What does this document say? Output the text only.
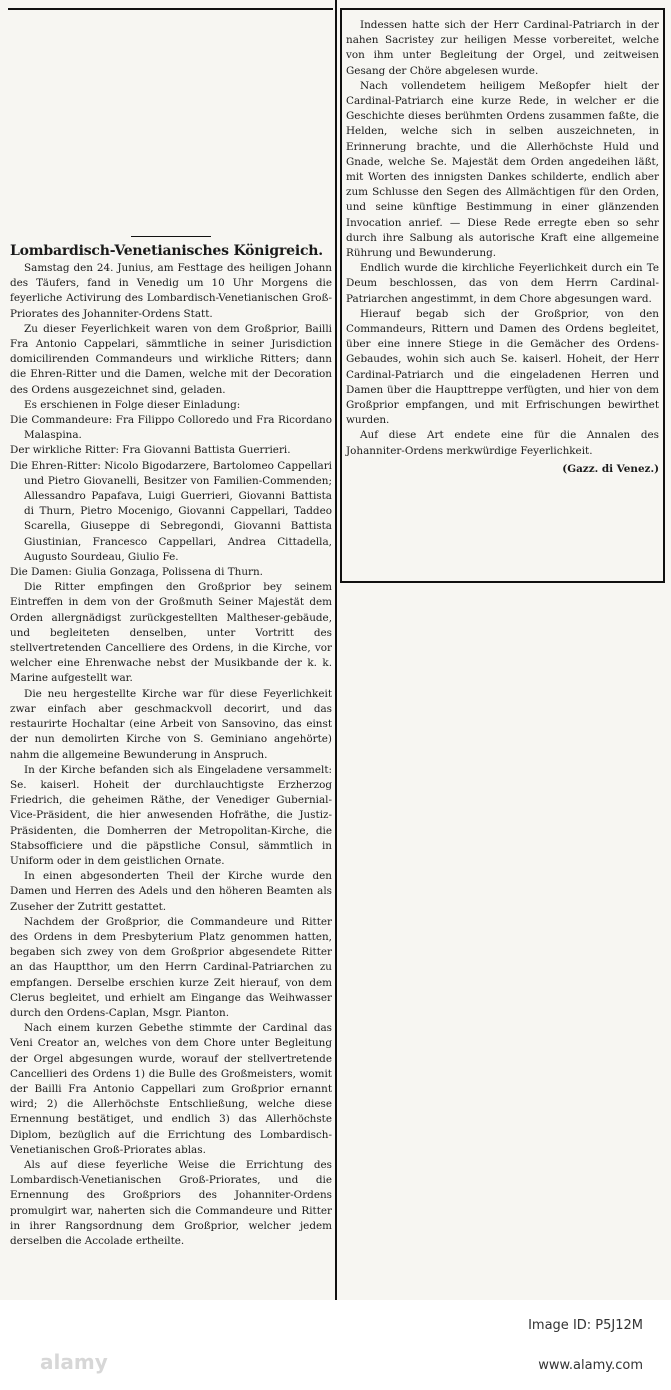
Lombardisch-Venetianisches Königreich.

Samstag den 24. Junius, am Festtage des heiligen Johann des Täufers, fand in Venedig um 10 Uhr Morgens die feyerliche Activirung des Lombardisch-Venetianischen Groß-Priorates des Johanniter-Ordens Statt.

Zu dieser Feyerlichkeit waren von dem Großprior, Bailli Fra Antonio Cappelari, sämmtliche in seiner Jurisdiction domicilirenden Commandeurs und wirkliche Ritters; dann die Ehren-Ritter und die Damen, welche mit der Decoration des Ordens ausgezeichnet sind, geladen.

Es erschienen in Folge dieser Einladung:

Die Commandeure: Fra Filippo Colloredo und Fra Ricordano Malaspina.

Der wirkliche Ritter: Fra Giovanni Battista Guerrieri.

Die Ehren-Ritter: Nicolo Bigodarzere, Bartolomeo Cappellari und Pietro Giovanelli, Besitzer von Familien-Commenden; Allessandro Papafava, Luigi Guerrieri, Giovanni Battista di Thurn, Pietro Mocenigo, Giovanni Cappellari, Taddeo Scarella, Giuseppe di Sebregondi, Giovanni Battista Giustinian, Francesco Cappellari, Andrea Cittadella, Augusto Sourdeau, Giulio Fe.

Die Damen: Giulia Gonzaga, Polissena di Thurn.

Die Ritter empfingen den Großprior bey seinem Eintreffen in dem von der Großmuth Seiner Majestät dem Orden allergnädigst zurückgestellten Maltheser-gebäude, und begleiteten denselben, unter Vortritt des stellvertretenden Cancelliere des Ordens, in die Kirche, vor welcher eine Ehrenwache nebst der Musikbande der k. k. Marine aufgestellt war.

Die neu hergestellte Kirche war für diese Feyerlichkeit zwar einfach aber geschmackvoll decorirt, und das restaurirte Hochaltar (eine Arbeit von Sansovino, das einst der nun demolirten Kirche von S. Geminiano angehörte) nahm die allgemeine Bewunderung in Anspruch.

In der Kirche befanden sich als Eingeladene versammelt: Se. kaiserl. Hoheit der durchlauchtigste Erzherzog Friedrich, die geheimen Räthe, der Venediger Gubernial-Vice-Präsident, die hier anwesenden Hofräthe, die Justiz-Präsidenten, die Domherren der Metropolitan-Kirche, die Stabsofficiere und die päpstliche Consul, sämmtlich in Uniform oder in dem geistlichen Ornate.

In einen abgesonderten Theil der Kirche wurde den Damen und Herren des Adels und den höheren Beamten als Zuseher der Zutritt gestattet.

Nachdem der Großprior, die Commandeure und Ritter des Ordens in dem Presbyterium Platz genommen hatten, begaben sich zwey von dem Großprior abgesendete Ritter an das Hauptthor, um den Herrn Cardinal-Patriarchen zu empfangen. Derselbe erschien kurze Zeit hierauf, von dem Clerus begleitet, und erhielt am Eingange das Weihwasser durch den Ordens-Caplan, Msgr. Pianton.

Nach einem kurzen Gebethe stimmte der Cardinal das Veni Creator an, welches von dem Chore unter Begleitung der Orgel abgesungen wurde, worauf der stellvertretende Cancellieri des Ordens 1) die Bulle des Großmeisters, womit der Bailli Fra Antonio Cappellari zum Großprior ernannt wird; 2) die Allerhöchste Entschließung, welche diese Ernennung bestätiget, und endlich 3) das Allerhöchste Diplom, bezüglich auf die Errichtung des Lombardisch-Venetianischen Groß-Priorates ablas.

Als auf diese feyerliche Weise die Errichtung des Lombardisch-Venetianischen Groß-Priorates, und die Ernennung des Großpriors des Johanniter-Ordens promulgirt war, naherten sich die Commandeure und Ritter in ihrer Rangsordnung dem Großprior, welcher jedem derselben die Accolade ertheilte.

Indessen hatte sich der Herr Cardinal-Patriarch in der nahen Sacristey zur heiligen Messe vorbereitet, welche von ihm unter Begleitung der Orgel, und zeitweisen Gesang der Chöre abgelesen wurde.

Nach vollendetem heiligem Meßopfer hielt der Cardinal-Patriarch eine kurze Rede, in welcher er die Geschichte dieses berühmten Ordens zusammen faßte, die Helden, welche sich in selben auszeichneten, in Erinnerung brachte, und die Allerhöchste Huld und Gnade, welche Se. Majestät dem Orden angedeihen läßt, mit Worten des innigsten Dankes schilderte, endlich aber zum Schlusse den Segen des Allmächtigen für den Orden, und seine künftige Bestimmung in einer glänzenden Invocation anrief. — Diese Rede erregte eben so sehr durch ihre Salbung als autorische Kraft eine allgemeine Rührung und Bewunderung.

Endlich wurde die kirchliche Feyerlichkeit durch ein Te Deum beschlossen, das von dem Herrn Cardinal-Patriarchen angestimmt, in dem Chore abgesungen ward.

Hierauf begab sich der Großprior, von den Commandeurs, Rittern und Damen des Ordens begleitet, über eine innere Stiege in die Gemächer des Ordens-Gebaudes, wohin sich auch Se. kaiserl. Hoheit, der Herr Cardinal-Patriarch und die eingeladenen Herren und Damen über die Haupttreppe verfügten, und hier von dem Großprior empfangen, und mit Erfrischungen bewirthet wurden.

Auf diese Art endete eine für die Annalen des Johanniter-Ordens merkwürdige Feyerlichkeit.

(Gazz. di Venez.)
alamy
Image ID: P5J12M
www.alamy.com
